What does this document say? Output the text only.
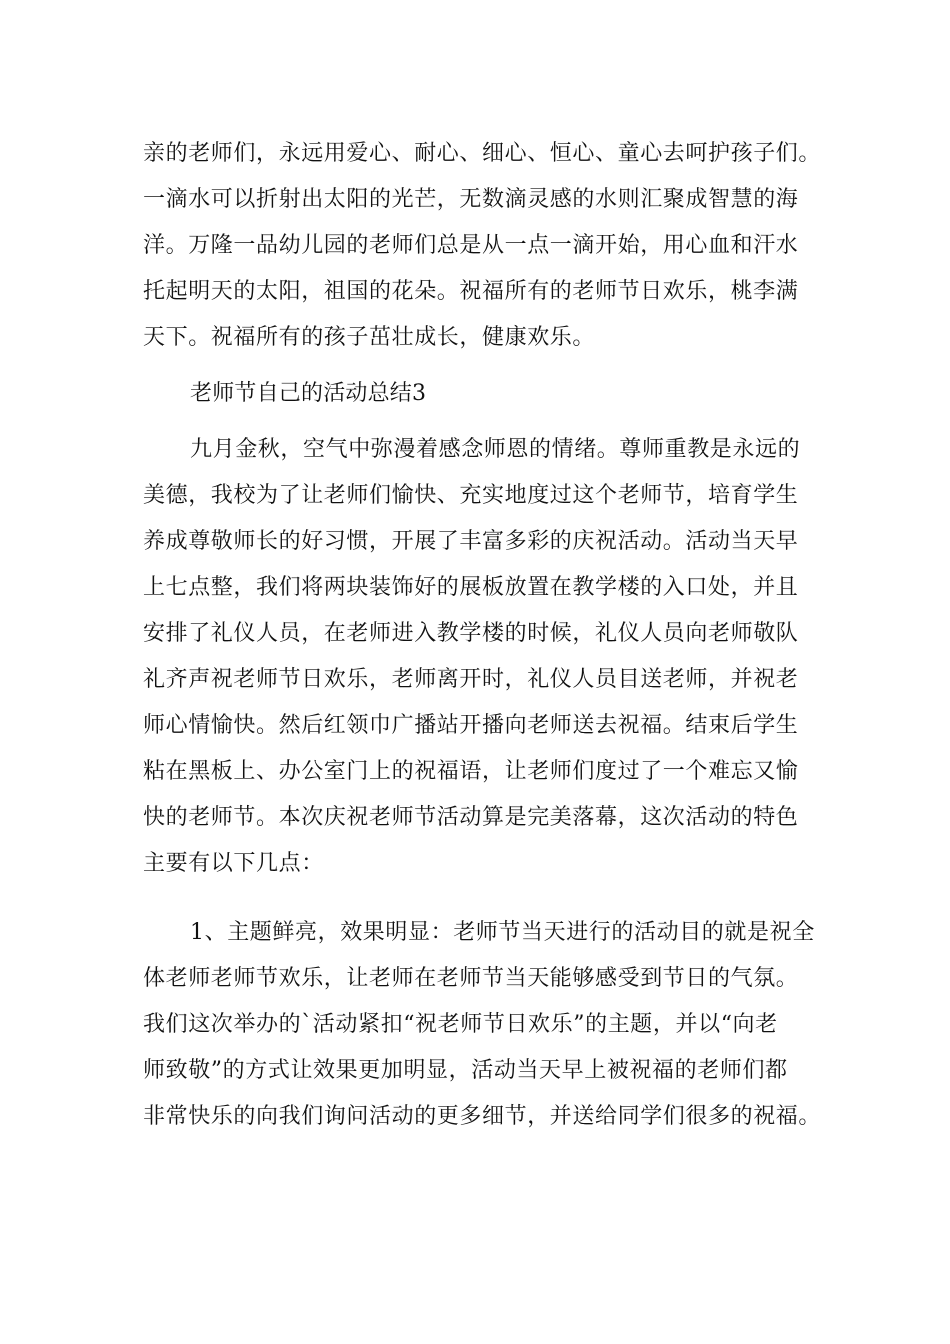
亲的老师们，永远用爱心、耐心、细心、恒心、童心去呵护孩子们。
一滴水可以折射出太阳的光芒，无数滴灵感的水则汇聚成智慧的海
洋。万隆一品幼儿园的老师们总是从一点一滴开始，用心血和汗水
托起明天的太阳，祖国的花朵。祝福所有的老师节日欢乐，桃李满
天下。祝福所有的孩子茁壮成长，健康欢乐。
老师节自己的活动总结3
九月金秋，空气中弥漫着感念师恩的情绪。尊师重教是永远的
美德，我校为了让老师们愉快、充实地度过这个老师节，培育学生
养成尊敬师长的好习惯，开展了丰富多彩的庆祝活动。活动当天早
上七点整，我们将两块装饰好的展板放置在教学楼的入口处，并且
安排了礼仪人员，在老师进入教学楼的时候，礼仪人员向老师敬队
礼齐声祝老师节日欢乐，老师离开时，礼仪人员目送老师，并祝老
师心情愉快。然后红领巾广播站开播向老师送去祝福。结束后学生
粘在黑板上、办公室门上的祝福语，让老师们度过了一个难忘又愉
快的老师节。本次庆祝老师节活动算是完美落幕，这次活动的特色
主要有以下几点：
1、主题鲜亮，效果明显：老师节当天进行的活动目的就是祝全
体老师老师节欢乐，让老师在老师节当天能够感受到节日的气氛。
我们这次举办的`活动紧扣“祝老师节日欢乐”的主题，并以“向老
师致敬”的方式让效果更加明显，活动当天早上被祝福的老师们都
非常快乐的向我们询问活动的更多细节，并送给同学们很多的祝福。
